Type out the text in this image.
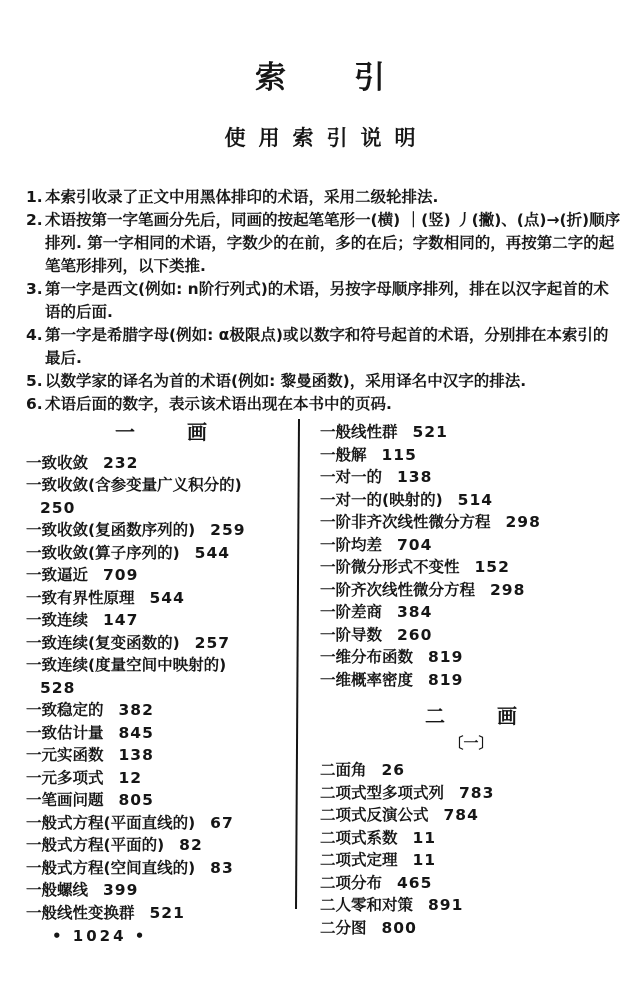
索引
使用索引说明
1. 本索引收录了正文中用黑体排印的术语，采用二级轮排法.
2. 术语按第一字笔画分先后，同画的按起笔笔形一(横) ｜(竖) 丿(撇)、(点)→(折)顺序排列. 第一字相同的术语，字数少的在前，多的在后；字数相同的，再按第二字的起笔笔形排列，以下类推.
3. 第一字是西文(例如: n阶行列式)的术语，另按字母顺序排列，排在以汉字起首的术语的后面.
4. 第一字是希腊字母(例如: α极限点)或以数字和符号起首的术语，分别排在本索引的最后.
5. 以数学家的译名为首的术语(例如: 黎曼函数)，采用译名中汉字的排法.
6. 术语后面的数字，表示该术语出现在本书中的页码.
一画
一致收敛 232
一致收敛(含参变量广义积分的)
250
一致收敛(复函数序列的) 259
一致收敛(算子序列的) 544
一致逼近 709
一致有界性原理 544
一致连续 147
一致连续(复变函数的) 257
一致连续(度量空间中映射的)
528
一致稳定的 382
一致估计量 845
一元实函数 138
一元多项式 12
一笔画问题 805
一般式方程(平面直线的) 67
一般式方程(平面的) 82
一般式方程(空间直线的) 83
一般螺线 399
一般线性变换群 521
一般线性群 521
一般解 115
一对一的 138
一对一的(映射的) 514
一阶非齐次线性微分方程 298
一阶均差 704
一阶微分形式不变性 152
一阶齐次线性微分方程 298
一阶差商 384
一阶导数 260
一维分布函数 819
一维概率密度 819
二画
〔一〕
二面角 26
二项式型多项式列 783
二项式反演公式 784
二项式系数 11
二项式定理 11
二项分布 465
二人零和对策 891
二分图 800
• 1024 •
